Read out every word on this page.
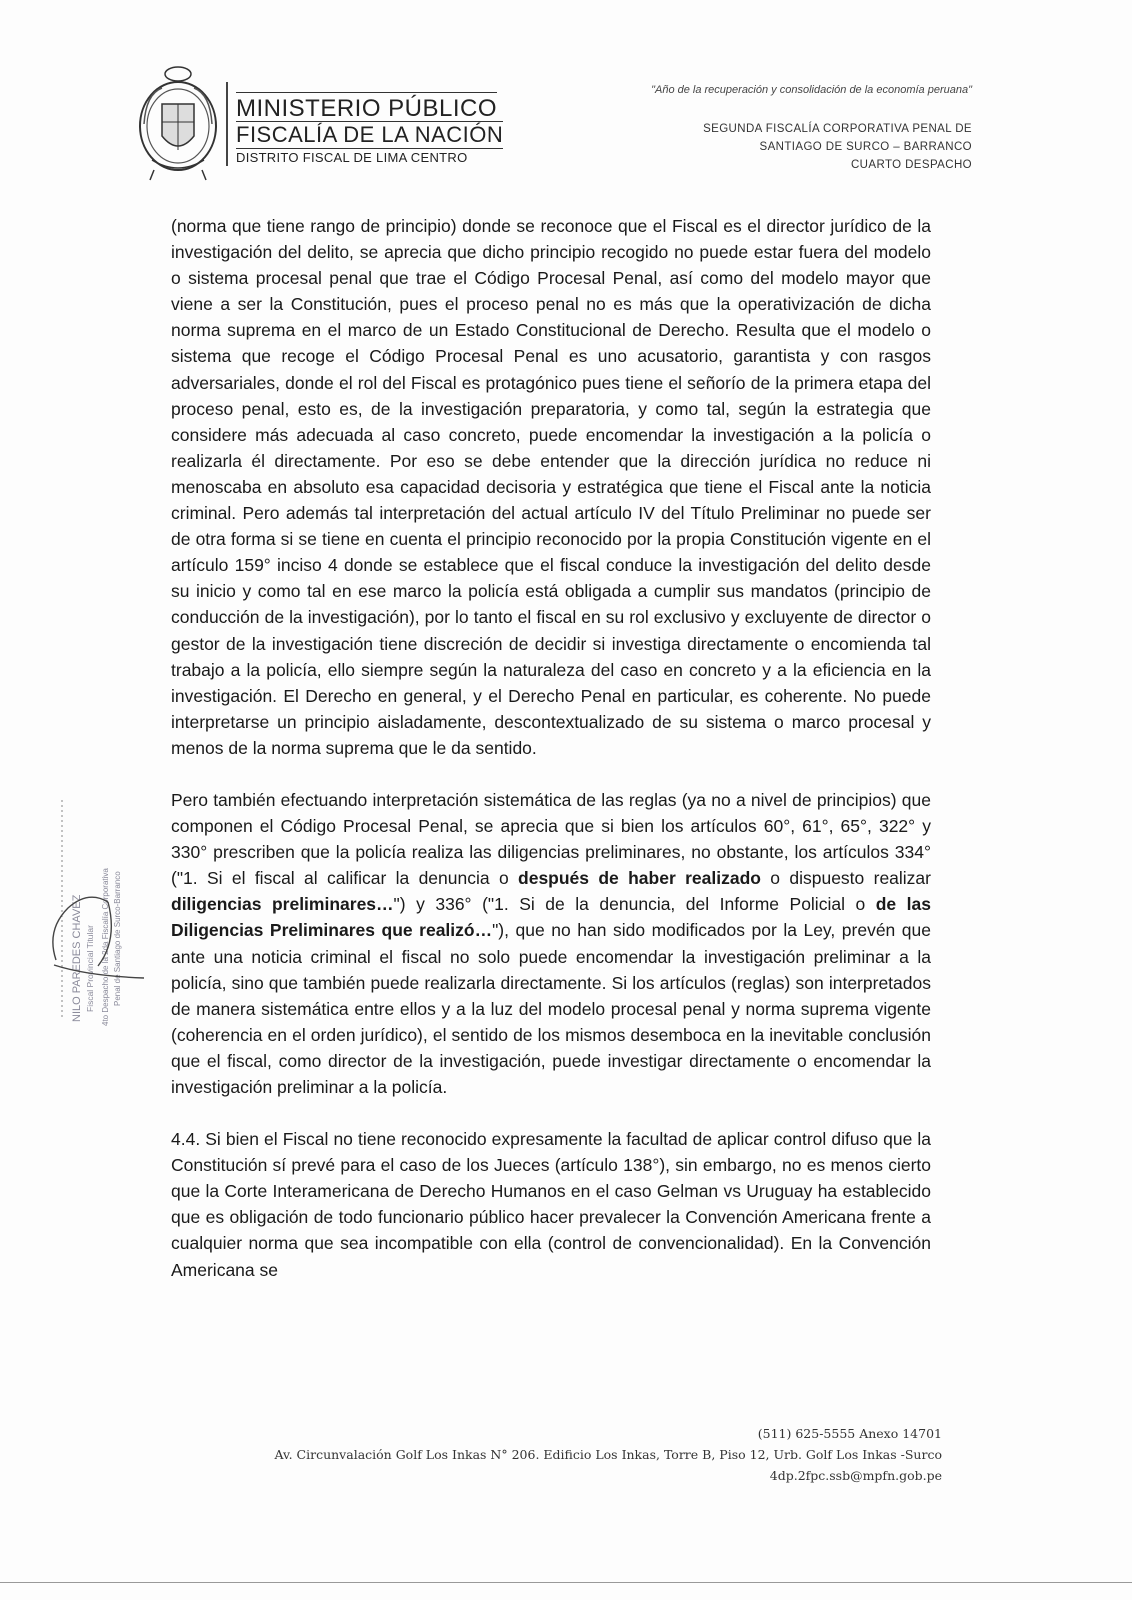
MINISTERIO PÚBLICO
FISCALÍA DE LA NACIÓN
DISTRITO FISCAL DE LIMA CENTRO
"Año de la recuperación y consolidación de la economía peruana"
SEGUNDA FISCALÍA CORPORATIVA PENAL DE
SANTIAGO DE SURCO – BARRANCO
CUARTO DESPACHO

(norma que tiene rango de principio) donde se reconoce que el Fiscal es el director jurídico de la investigación del delito, se aprecia que dicho principio recogido no puede estar fuera del modelo o sistema procesal penal que trae el Código Procesal Penal, así como del modelo mayor que viene a ser la Constitución, pues el proceso penal no es más que la operativización de dicha norma suprema en el marco de un Estado Constitucional de Derecho. Resulta que el modelo o sistema que recoge el Código Procesal Penal es uno acusatorio, garantista y con rasgos adversariales, donde el rol del Fiscal es protagónico pues tiene el señorío de la primera etapa del proceso penal, esto es, de la investigación preparatoria, y como tal, según la estrategia que considere más adecuada al caso concreto, puede encomendar la investigación a la policía o realizarla él directamente. Por eso se debe entender que la dirección jurídica no reduce ni menoscaba en absoluto esa capacidad decisoria y estratégica que tiene el Fiscal ante la noticia criminal. Pero además tal interpretación del actual artículo IV del Título Preliminar no puede ser de otra forma si se tiene en cuenta el principio reconocido por la propia Constitución vigente en el artículo 159° inciso 4 donde se establece que el fiscal conduce la investigación del delito desde su inicio y como tal en ese marco la policía está obligada a cumplir sus mandatos (principio de conducción de la investigación), por lo tanto el fiscal en su rol exclusivo y excluyente de director o gestor de la investigación tiene discreción de decidir si investiga directamente o encomienda tal trabajo a la policía, ello siempre según la naturaleza del caso en concreto y a la eficiencia en la investigación. El Derecho en general, y el Derecho Penal en particular, es coherente. No puede interpretarse un principio aisladamente, descontextualizado de su sistema o marco procesal y menos de la norma suprema que le da sentido.

Pero también efectuando interpretación sistemática de las reglas (ya no a nivel de principios) que componen el Código Procesal Penal, se aprecia que si bien los artículos 60°, 61°, 65°, 322° y 330° prescriben que la policía realiza las diligencias preliminares, no obstante, los artículos 334° ("1. Si el fiscal al calificar la denuncia o después de haber realizado o dispuesto realizar diligencias preliminares…") y 336° ("1. Si de la denuncia, del Informe Policial o de las Diligencias Preliminares que realizó…"), que no han sido modificados por la Ley, prevén que ante una noticia criminal el fiscal no solo puede encomendar la investigación preliminar a la policía, sino que también puede realizarla directamente. Si los artículos (reglas) son interpretados de manera sistemática entre ellos y a la luz del modelo procesal penal y norma suprema vigente (coherencia en el orden jurídico), el sentido de los mismos desemboca en la inevitable conclusión que el fiscal, como director de la investigación, puede investigar directamente o encomendar la investigación preliminar a la policía.

4.4. Si bien el Fiscal no tiene reconocido expresamente la facultad de aplicar control difuso que la Constitución sí prevé para el caso de los Jueces (artículo 138°), sin embargo, no es menos cierto que la Corte Interamericana de Derecho Humanos en el caso Gelman vs Uruguay ha establecido que es obligación de todo funcionario público hacer prevalecer la Convención Americana frente a cualquier norma que sea incompatible con ella (control de convencionalidad). En la Convención Americana se

NILO PAREDES CHAVEZ Fiscal Provincial Titular 4to Despacho de la 2da Fiscalía Corporativa Penal de Santiago de Surco-Barranco
(511) 625-5555 Anexo 14701
Av. Circunvalación Golf Los Inkas N° 206. Edificio Los Inkas, Torre B, Piso 12, Urb. Golf Los Inkas -Surco
4dp.2fpc.ssb@mpfn.gob.pe
